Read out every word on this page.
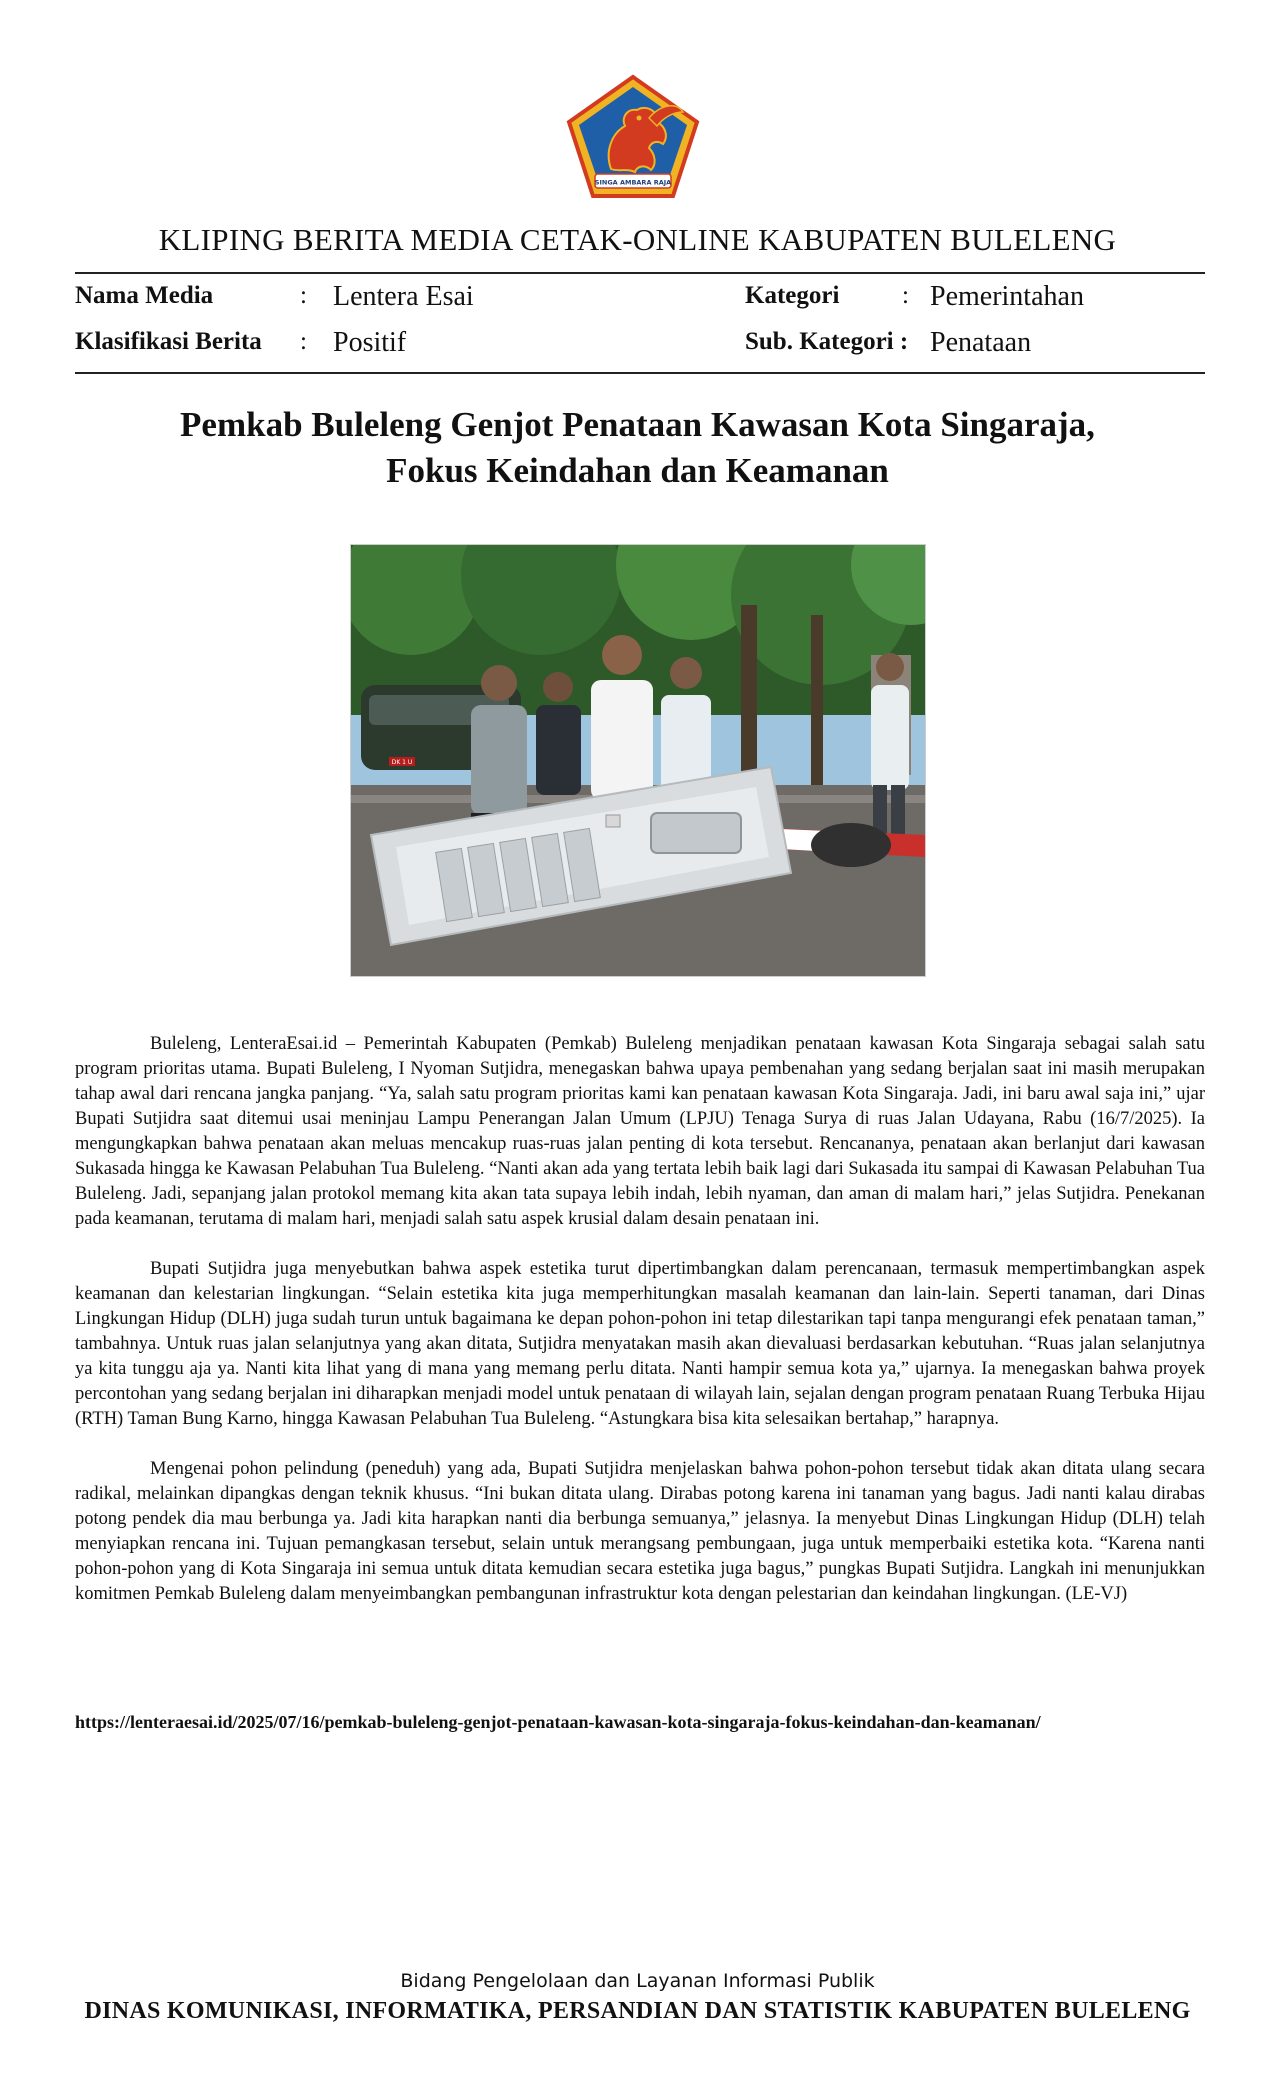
SINGA AMBARA RAJA
KLIPING BERITA MEDIA CETAK-ONLINE KABUPATEN BULELENG
Nama Media	: Lentera Esai
Klasifikasi Berita : Positif
Kategori	: Pemerintahan
Sub. Kategori : Penataan
Pemkab Buleleng Genjot Penataan Kawasan Kota Singaraja,
Fokus Keindahan dan Keamanan
DK 1 U

Buleleng, LenteraEsai.id – Pemerintah Kabupaten (Pemkab) Buleleng menjadikan penataan kawasan Kota Singaraja sebagai salah satu program prioritas utama. Bupati Buleleng, I Nyoman Sutjidra, menegaskan bahwa upaya pembenahan yang sedang berjalan saat ini masih merupakan tahap awal dari rencana jangka panjang. “Ya, salah satu program prioritas kami kan penataan kawasan Kota Singaraja. Jadi, ini baru awal saja ini,” ujar Bupati Sutjidra saat ditemui usai meninjau Lampu Penerangan Jalan Umum (LPJU) Tenaga Surya di ruas Jalan Udayana, Rabu (16/7/2025). Ia mengungkapkan bahwa penataan akan meluas mencakup ruas-ruas jalan penting di kota tersebut. Rencananya, penataan akan berlanjut dari kawasan Sukasada hingga ke Kawasan Pelabuhan Tua Buleleng. “Nanti akan ada yang tertata lebih baik lagi dari Sukasada itu sampai di Kawasan Pelabuhan Tua Buleleng. Jadi, sepanjang jalan protokol memang kita akan tata supaya lebih indah, lebih nyaman, dan aman di malam hari,” jelas Sutjidra. Penekanan pada keamanan, terutama di malam hari, menjadi salah satu aspek krusial dalam desain penataan ini.

Bupati Sutjidra juga menyebutkan bahwa aspek estetika turut dipertimbangkan dalam perencanaan, termasuk mempertimbangkan aspek keamanan dan kelestarian lingkungan. “Selain estetika kita juga memperhitungkan masalah keamanan dan lain-lain. Seperti tanaman, dari Dinas Lingkungan Hidup (DLH) juga sudah turun untuk bagaimana ke depan pohon-pohon ini tetap dilestarikan tapi tanpa mengurangi efek penataan taman,” tambahnya. Untuk ruas jalan selanjutnya yang akan ditata, Sutjidra menyatakan masih akan dievaluasi berdasarkan kebutuhan. “Ruas jalan selanjutnya ya kita tunggu aja ya. Nanti kita lihat yang di mana yang memang perlu ditata. Nanti hampir semua kota ya,” ujarnya. Ia menegaskan bahwa proyek percontohan yang sedang berjalan ini diharapkan menjadi model untuk penataan di wilayah lain, sejalan dengan program penataan Ruang Terbuka Hijau (RTH) Taman Bung Karno, hingga Kawasan Pelabuhan Tua Buleleng. “Astungkara bisa kita selesaikan bertahap,” harapnya.

Mengenai pohon pelindung (peneduh) yang ada, Bupati Sutjidra menjelaskan bahwa pohon-pohon tersebut tidak akan ditata ulang secara radikal, melainkan dipangkas dengan teknik khusus. “Ini bukan ditata ulang. Dirabas potong karena ini tanaman yang bagus. Jadi nanti kalau dirabas potong pendek dia mau berbunga ya. Jadi kita harapkan nanti dia berbunga semuanya,” jelasnya. Ia menyebut Dinas Lingkungan Hidup (DLH) telah menyiapkan rencana ini. Tujuan pemangkasan tersebut, selain untuk merangsang pembungaan, juga untuk memperbaiki estetika kota. “Karena nanti pohon-pohon yang di Kota Singaraja ini semua untuk ditata kemudian secara estetika juga bagus,” pungkas Bupati Sutjidra. Langkah ini menunjukkan komitmen Pemkab Buleleng dalam menyeimbangkan pembangunan infrastruktur kota dengan pelestarian dan keindahan lingkungan. (LE-VJ)

https://lenteraesai.id/2025/07/16/pemkab-buleleng-genjot-penataan-kawasan-kota-singaraja-fokus-keindahan-dan-keamanan/
Bidang Pengelolaan dan Layanan Informasi Publik
DINAS KOMUNIKASI, INFORMATIKA, PERSANDIAN DAN STATISTIK KABUPATEN BULELENG
